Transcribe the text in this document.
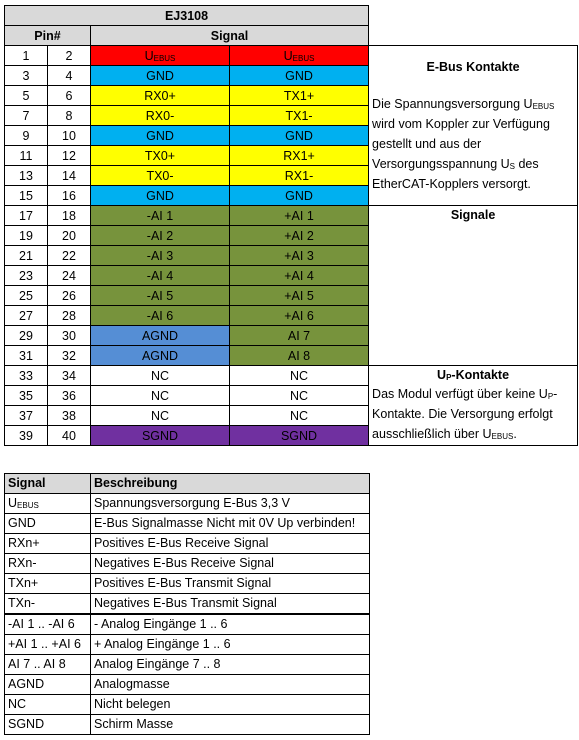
EJ3108				
Pin#		Signal		
1	2	$U_{EBUS}$	$U_{EBUS}$	E-Bus Kontakte
Die Spannungsversorgung $U_{EBUS}$ wird vom Koppler zur Verfügung gestellt und aus der Versorgungsspannung $U_S$ des EtherCAT-Kopplers versorgt.

3	4	GND	GND	
5	6	RX0+	TX1+	
7	8	RX0-	TX1-	
9	10	GND	GND	
11	12	TX0+	RX1+	
13	14	TX0-	RX1-	
15	16	GND	GND	
17	18	-AI 1	+AI 1	Signale

19	20	-AI 2	+AI 2	
21	22	-AI 3	+AI 3	
23	24	-AI 4	+AI 4	
25	26	-AI 5	+AI 5	
27	28	-AI 6	+AI 6	
29	30	AGND	AI 7	
31	32	AGND	AI 8	
33	34	NC	NC	$U_P$-Kontakte
Das Modul verfügt über keine $U_P$-Kontakte. Die Versorgung erfolgt ausschließlich über $U_{EBUS}$.

35	36	NC	NC	
37	38	NC	NC	
39	40	SGND	SGND	
Signal	Beschreibung
$U_{EBUS}$	Spannungsversorgung E-Bus 3,3 V
GND	E-Bus Signalmasse Nicht mit 0V Up verbinden!
RXn+	Positives E-Bus Receive Signal
RXn-	Negatives E-Bus Receive Signal
TXn+	Positives E-Bus Transmit Signal
TXn-	Negatives E-Bus Transmit Signal
-AI 1 .. -AI 6	- Analog Eingänge 1 .. 6
+AI 1 .. +AI 6	+ Analog Eingänge 1 .. 6
AI 7 .. AI 8	Analog Eingänge 7 .. 8
AGND	Analogmasse
NC	Nicht belegen
SGND	Schirm Masse
